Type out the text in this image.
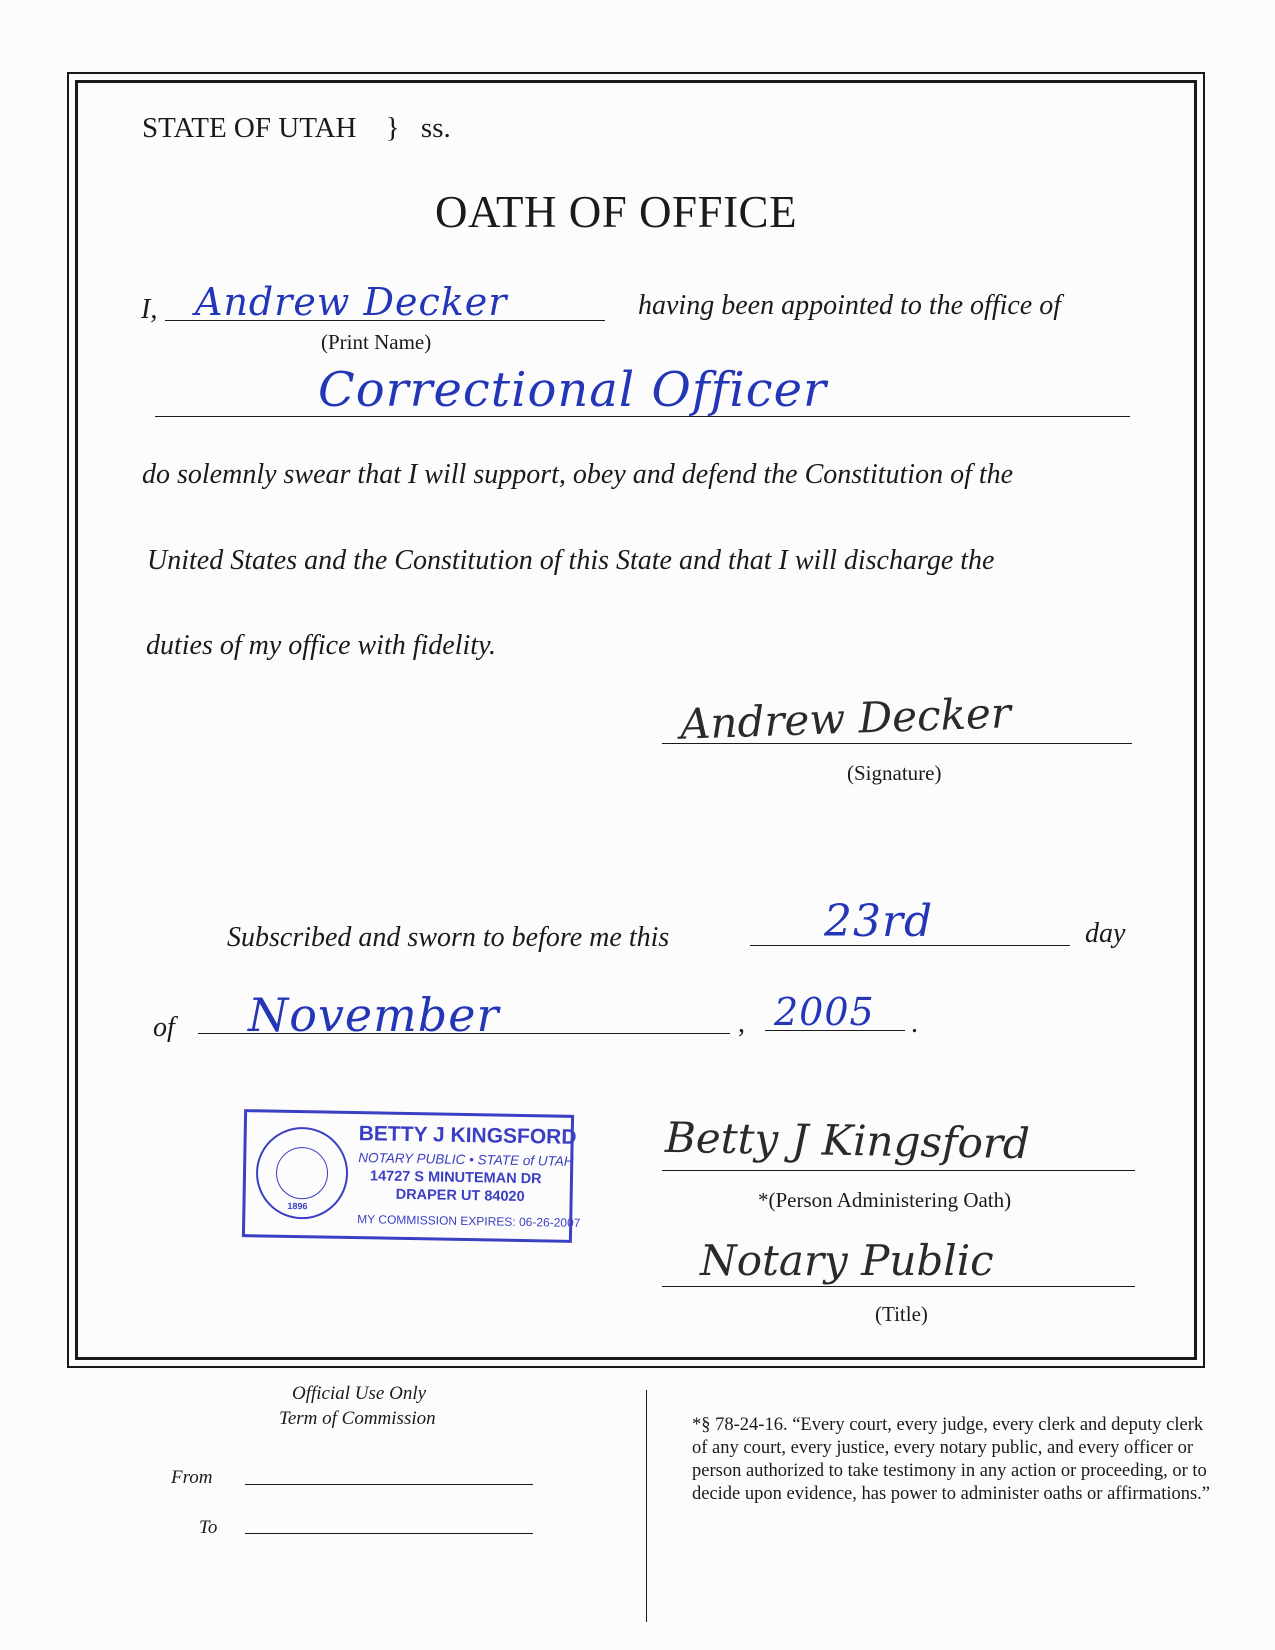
STATE OF UTAH } ss.
OATH OF OFFICE
I, Andrew Decker	having been appointed to the office of
(Print Name)
Correctional Officer
do solemnly swear that I will support, obey and defend the Constitution of the
United States and the Constitution of this State and that I will discharge the
duties of my office with fidelity.
Andrew Decker
(Signature)
Subscribed and sworn to before me this	23rd	day
of November	, 2005 .
1896
BETTY J KINGSFORD
NOTARY PUBLIC • STATE of UTAH
14727 S MINUTEMAN DR
DRAPER UT 84020
MY COMMISSION EXPIRES: 06-26-2007
Betty J Kingsford
*(Person Administering Oath)
Notary Public
(Title)
Official Use Only
Term of Commission
From
To
*§ 78-24-16. “Every court, every judge, every clerk and deputy clerk of any court, every justice, every notary public, and every officer or person authorized to take testimony in any action or proceeding, or to decide upon evidence, has power to administer oaths or affirmations.”
